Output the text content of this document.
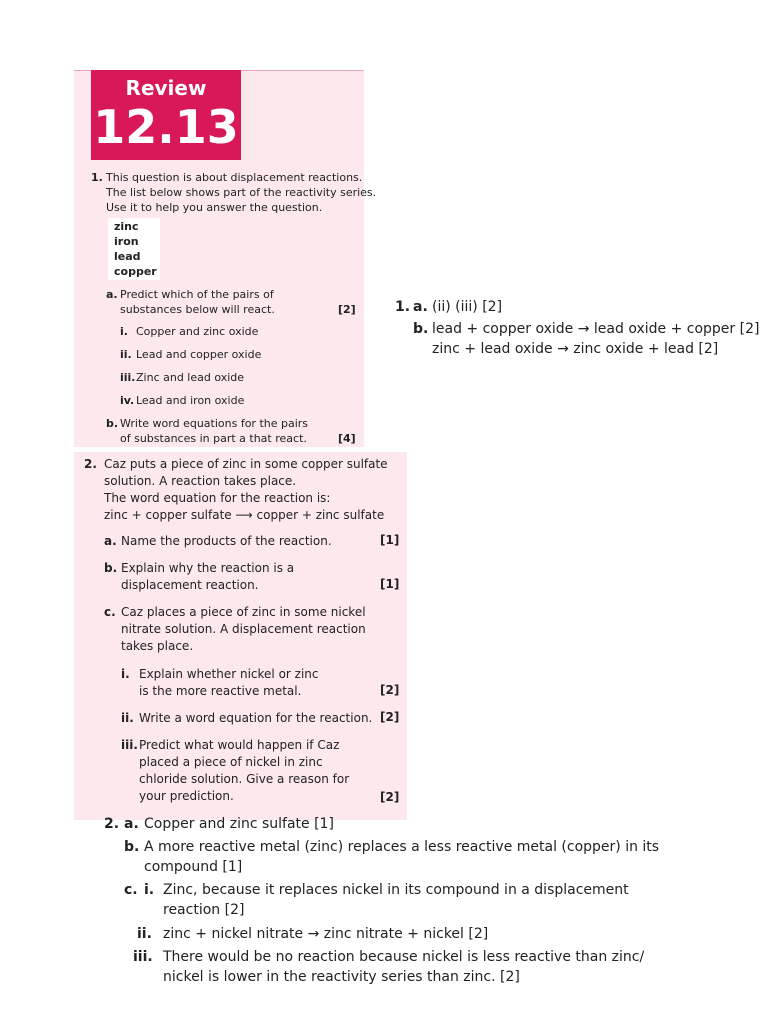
Review
12.13
1. This question is about displacement reactions.
The list below shows part of the reactivity series.
Use it to help you answer the question.
zinc
iron
lead
copper
a. Predict which of the pairs of
substances below will react.	[2]
i. Copper and zinc oxide
ii. Lead and copper oxide
iii. Zinc and lead oxide
iv. Lead and iron oxide
b. Write word equations for the pairs
of substances in part a that react.	[4]
1. a. (ii) (iii) [2]
b. lead + copper oxide → lead oxide + copper [2]
zinc + lead oxide → zinc oxide + lead [2]
2. Caz puts a piece of zinc in some copper sulfate
solution. A reaction takes place.
The word equation for the reaction is:
zinc + copper sulfate ⟶ copper + zinc sulfate
a. Name the products of the reaction.	[1]
b. Explain why the reaction is a
displacement reaction.	[1]
c. Caz places a piece of zinc in some nickel
nitrate solution. A displacement reaction
takes place.
i. Explain whether nickel or zinc
is the more reactive metal.	[2]
ii. Write a word equation for the reaction. [2]
iii. Predict what would happen if Caz
placed a piece of nickel in zinc
chloride solution. Give a reason for
your prediction.	[2]
2. a. Copper and zinc sulfate [1]
b. A more reactive metal (zinc) replaces a less reactive metal (copper) in its
compound [1]
c. i. Zinc, because it replaces nickel in its compound in a displacement
reaction [2]
ii. zinc + nickel nitrate → zinc nitrate + nickel [2]
iii. There would be no reaction because nickel is less reactive than zinc/
nickel is lower in the reactivity series than zinc. [2]
